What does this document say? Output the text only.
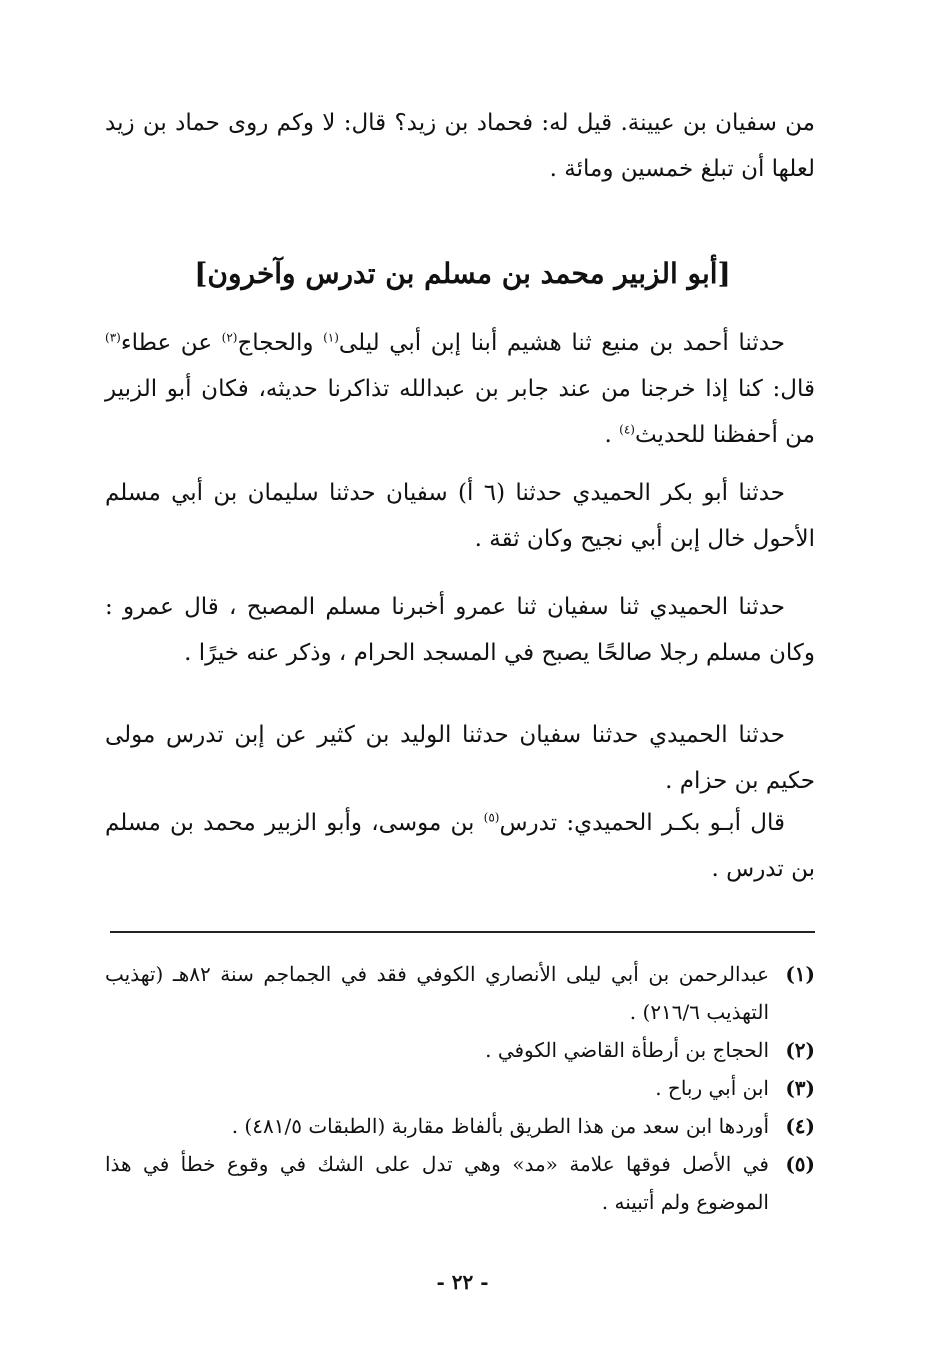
من سفيان بن عيينة. قيل له: فحماد بن زيد؟ قال: لا وكم روى حماد بن زيد لعلها أن تبلغ خمسين ومائة .

[أبو الزبير محمد بن مسلم بن تدرس وآخرون]

حدثنا أحمد بن منيع ثنا هشيم أبنا إبن أبي ليلى$^{(١)}$ والحجاج$^{(٢)}$ عن عطاء$^{(٣)}$ قال: كنا إذا خرجنا من عند جابر بن عبدالله تذاكرنا حديثه، فكان أبو الزبير من أحفظنا للحديث$^{(٤)}$ .

حدثنا أبو بكر الحميدي حدثنا (٦ أ) سفيان حدثنا سليمان بن أبي مسلم الأحول خال إبن أبي نجيح وكان ثقة .

حدثنا الحميدي ثنا سفيان ثنا عمرو أخبرنا مسلم المصبح ، قال عمرو : وكان مسلم رجلا صالحًا يصبح في المسجد الحرام ، وذكر عنه خيرًا .

حدثنا الحميدي حدثنا سفيان حدثنا الوليد بن كثير عن إبن تدرس مولى حكيم بن حزام .

قال أبـو بكـر الحميدي: تدرس$^{(٥)}$ بن موسى، وأبو الزبير محمد بن مسلم بن تدرس .

(١)
عبدالرحمن بن أبي ليلى الأنصاري الكوفي فقد في الجماجم سنة ٨٢هـ (تهذيب التهذيب ٢١٦/٦) .
(٢)
الحجاج بن أرطأة القاضي الكوفي .
(٣)
ابن أبي رباح .
(٤)
أوردها ابن سعد من هذا الطريق بألفاظ مقاربة (الطبقات ٤٨١/٥) .
(٥)
في الأصل فوقها علامة «مد» وهي تدل على الشك في وقوع خطأ في هذا الموضوع ولم أتبينه .
- ٢٢ -
